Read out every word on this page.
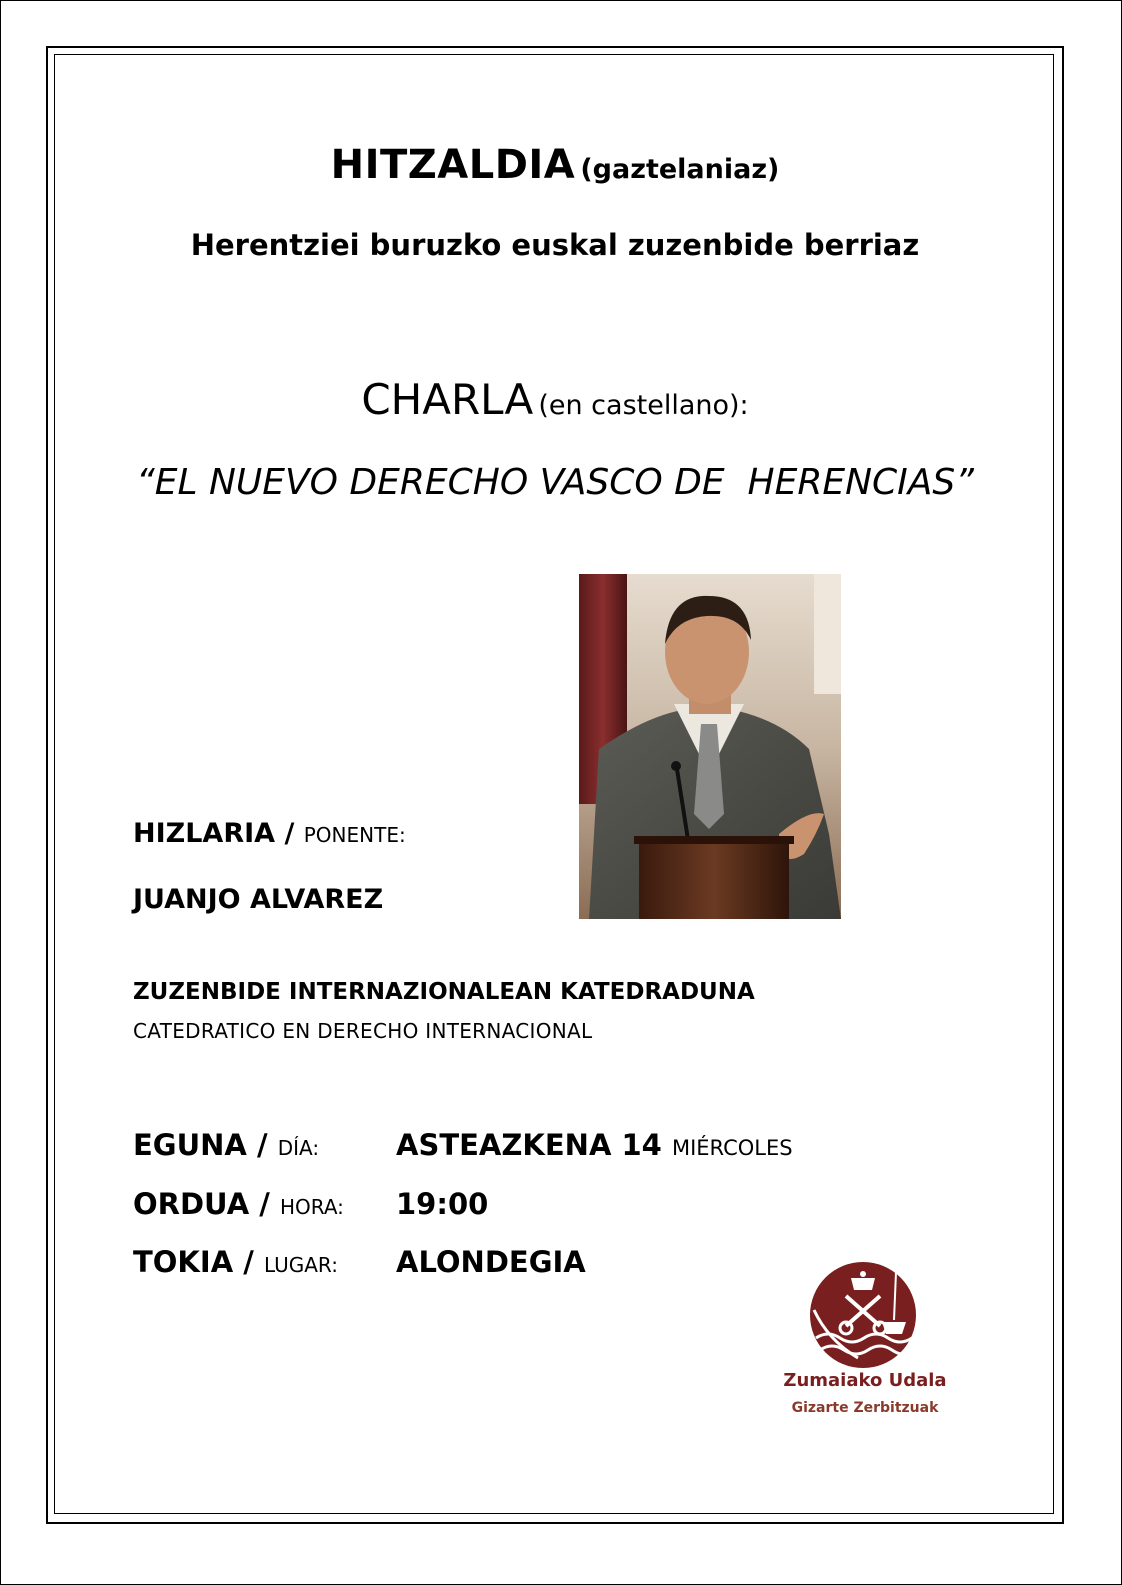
HITZALDIA (gaztelaniaz)
Herentziei buruzko euskal zuzenbide berriaz
CHARLA (en castellano):
“EL NUEVO DERECHO VASCO DE  HERENCIAS”
HIZLARIA / PONENTE:
JUANJO ALVAREZ
ZUZENBIDE INTERNAZIONALEAN KATEDRADUNA
CATEDRATICO EN DERECHO INTERNACIONAL
EGUNA / DÍA:	ASTEAZKENA 14 MIÉRCOLES
ORDUA / HORA: 19:00
TOKIA / LUGAR: ALONDEGIA
Zumaiako Udala
Gizarte Zerbitzuak
